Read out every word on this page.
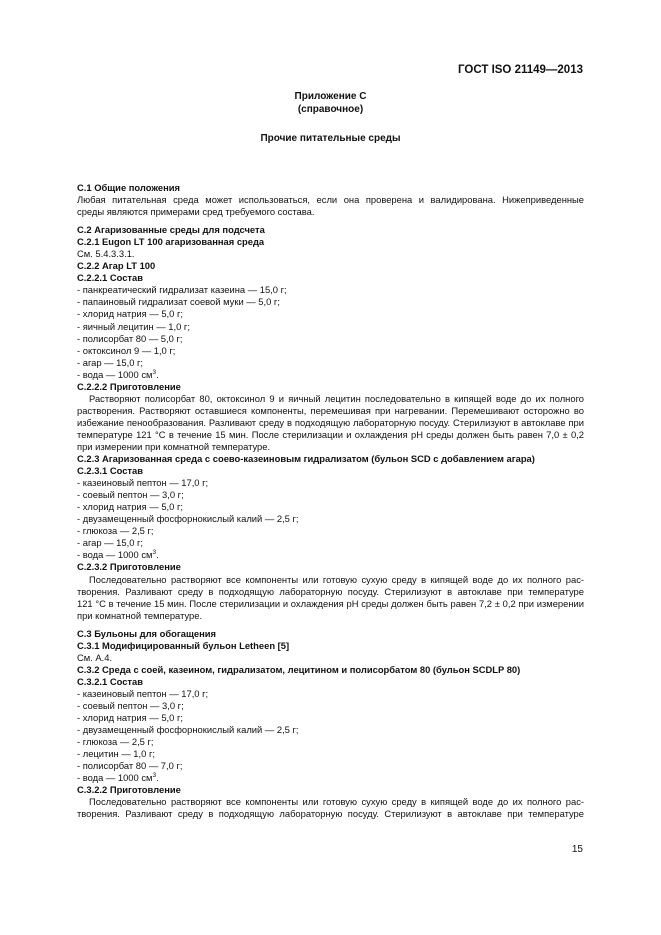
ГОСТ ISO 21149—2013
Приложение С
(справочное)
Прочие питательные среды
С.1 Общие положения
Любая питательная среда может использоваться, если она проверена и валидирована. Нижеприведенные
среды являются примерами сред требуемого состава.
С.2 Агаризованные среды для подсчета
С.2.1 Eugon LT 100 агаризованная среда
См. 5.4.3.3.1.
С.2.2 Агар LT 100
С.2.2.1 Состав
- панкреатический гидрализат казеина — 15,0 г;
- папаиновый гидрализат соевой муки — 5,0 г;
- хлорид натрия — 5,0 г;
- яичный лецитин — 1,0 г;
- полисорбат 80 — 5,0 г;
- октоксинол 9 — 1,0 г;
- агар — 15,0 г;
- вода — 1000 $см^3$.
С.2.2.2 Приготовление
Растворяют полисорбат 80, октоксинол 9 и яичный лецитин последовательно в кипящей воде до их полного
растворения. Растворяют оставшиеся компоненты, перемешивая при нагревании. Перемешивают осторожно во
избежание пенообразования. Разливают среду в подходящую лабораторную посуду. Стерилизуют в автоклаве при
температуре 121 °С в течение 15 мин. После стерилизации и охлаждения pH среды должен быть равен 7,0 ± 0,2
при измерении при комнатной температуре.
С.2.3 Агаризованная среда с соево-казеиновым гидрализатом (бульон SCD с добавлением агара)
С.2.3.1 Состав
- казеиновый пептон — 17,0 г;
- соевый пептон — 3,0 г;
- хлорид натрия — 5,0 г;
- двузамещенный фосфорнокислый калий — 2,5 г;
- глюкоза — 2,5 г;
- агар — 15,0 г;
- вода — 1000 $см^3$.
С.2.3.2 Приготовление
Последовательно растворяют все компоненты или готовую сухую среду в кипящей воде до их полного рас-
творения. Разливают среду в подходящую лабораторную посуду. Стерилизуют в автоклаве при температуре
121 °С в течение 15 мин. После стерилизации и охлаждения pH среды должен быть равен 7,2 ± 0,2 при измерении
при комнатной температуре.
С.3 Бульоны для обогащения
С.3.1 Модифицированный бульон Letheen [5]
См. А.4.
С.3.2 Среда с соей, казеином, гидрализатом, лецитином и полисорбатом 80 (бульон SCDLP 80)
С.3.2.1 Состав
- казеиновый пептон — 17,0 г;
- соевый пептон — 3,0 г;
- хлорид натрия — 5,0 г;
- двузамещенный фосфорнокислый калий — 2,5 г;
- глюкоза — 2,5 г;
- лецитин — 1,0 г;
- полисорбат 80 — 7,0 г;
- вода — 1000 $см^3$.
С.3.2.2 Приготовление
Последовательно растворяют все компоненты или готовую сухую среду в кипящей воде до их полного рас-
творения. Разливают среду в подходящую лабораторную посуду. Стерилизуют в автоклаве при температуре
15
